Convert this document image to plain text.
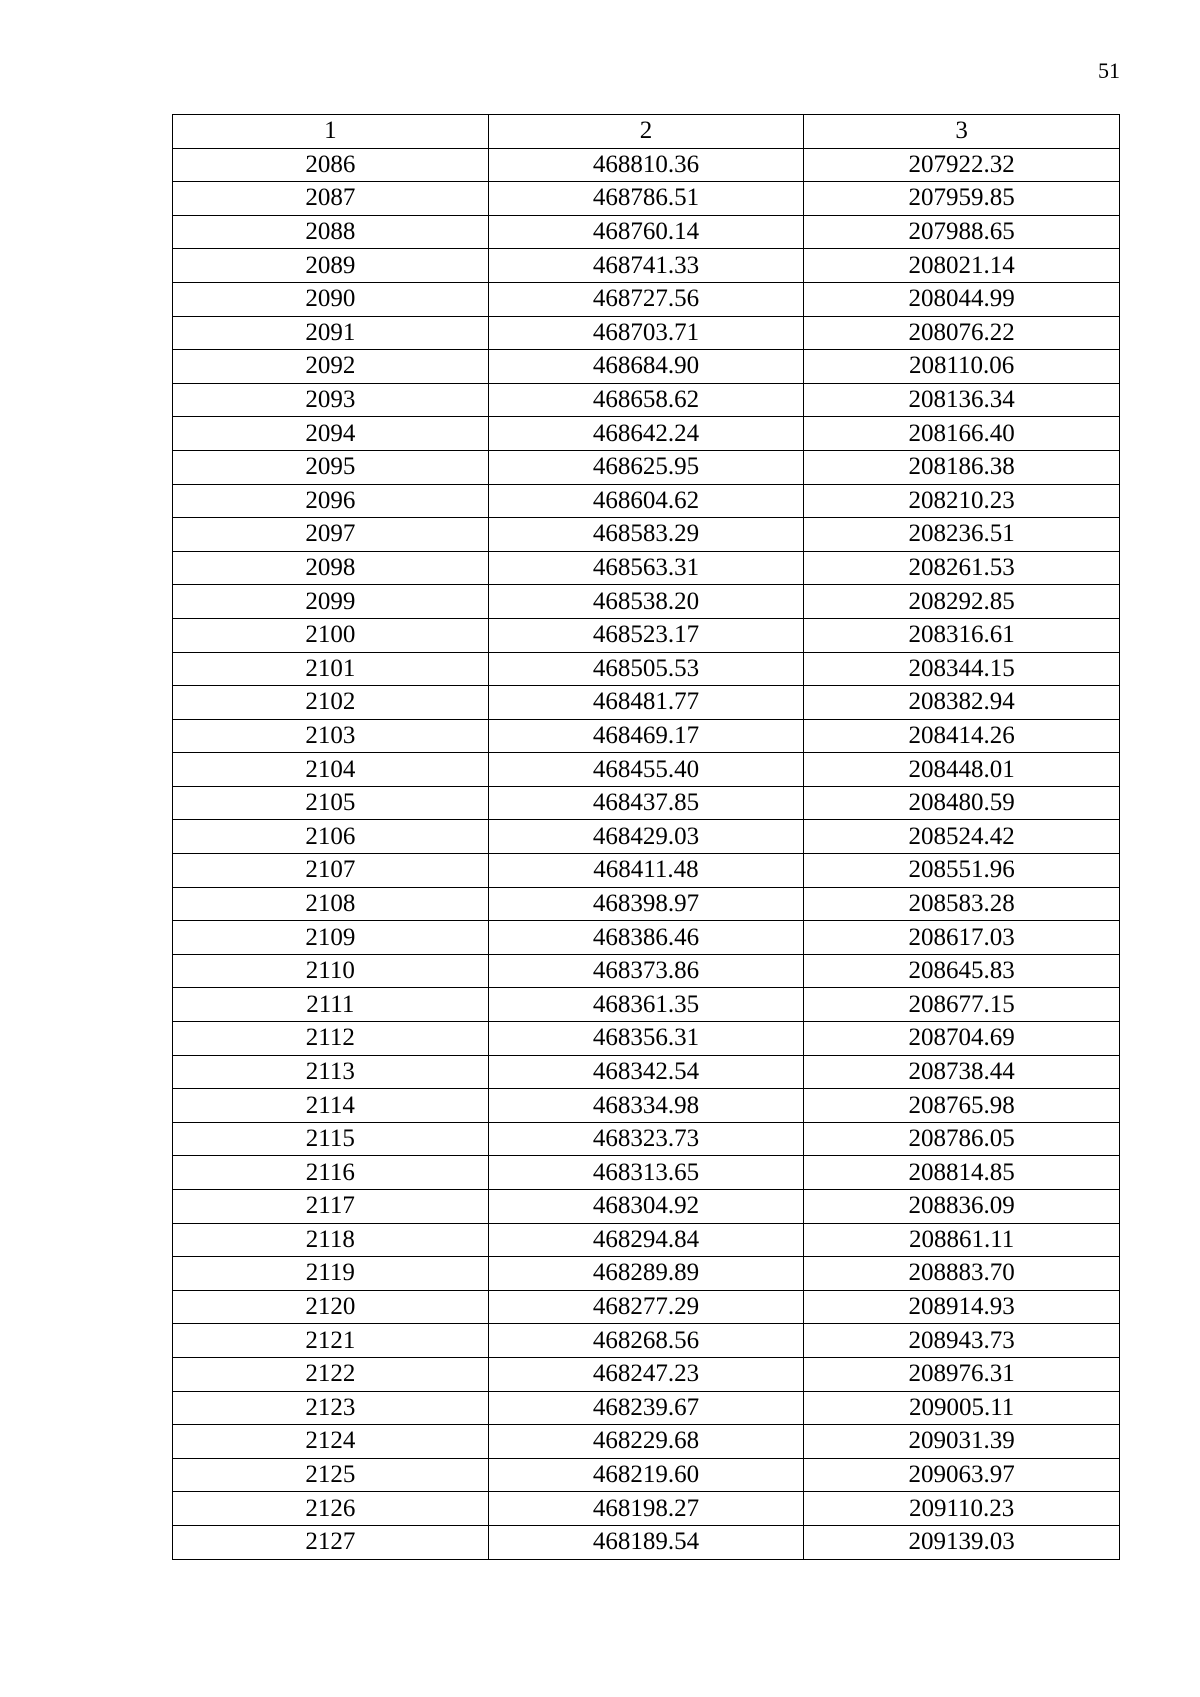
51
1	2	3
2086	468810.36	207922.32
2087	468786.51	207959.85
2088	468760.14	207988.65
2089	468741.33	208021.14
2090	468727.56	208044.99
2091	468703.71	208076.22
2092	468684.90	208110.06
2093	468658.62	208136.34
2094	468642.24	208166.40
2095	468625.95	208186.38
2096	468604.62	208210.23
2097	468583.29	208236.51
2098	468563.31	208261.53
2099	468538.20	208292.85
2100	468523.17	208316.61
2101	468505.53	208344.15
2102	468481.77	208382.94
2103	468469.17	208414.26
2104	468455.40	208448.01
2105	468437.85	208480.59
2106	468429.03	208524.42
2107	468411.48	208551.96
2108	468398.97	208583.28
2109	468386.46	208617.03
2110	468373.86	208645.83
2111	468361.35	208677.15
2112	468356.31	208704.69
2113	468342.54	208738.44
2114	468334.98	208765.98
2115	468323.73	208786.05
2116	468313.65	208814.85
2117	468304.92	208836.09
2118	468294.84	208861.11
2119	468289.89	208883.70
2120	468277.29	208914.93
2121	468268.56	208943.73
2122	468247.23	208976.31
2123	468239.67	209005.11
2124	468229.68	209031.39
2125	468219.60	209063.97
2126	468198.27	209110.23
2127	468189.54	209139.03
